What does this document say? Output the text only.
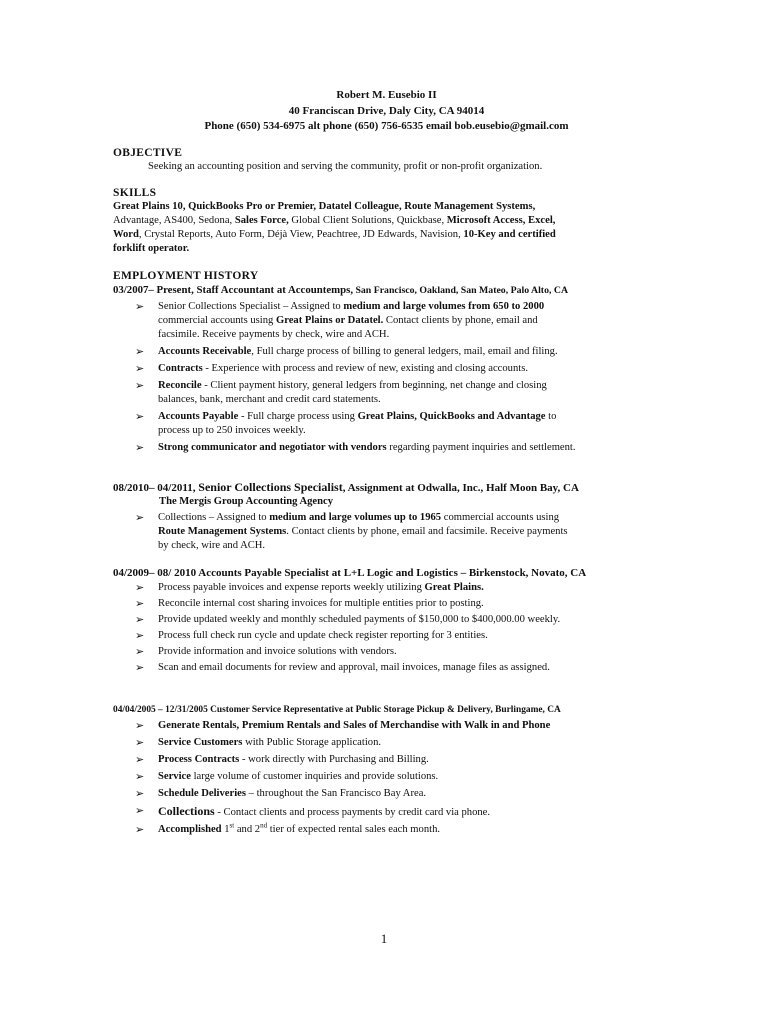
Robert M. Eusebio II
40 Franciscan Drive, Daly City, CA 94014
Phone (650) 534-6975 alt phone (650) 756-6535 email bob.eusebio@gmail.com
OBJECTIVE
Seeking an accounting position and serving the community, profit or non-profit organization.
SKILLS
Great Plains 10, QuickBooks Pro or Premier, Datatel Colleague, Route Management Systems,
Advantage, AS400, Sedona, Sales Force, Global Client Solutions, Quickbase, Microsoft Access, Excel,
Word, Crystal Reports, Auto Form, Déjà View, Peachtree, JD Edwards, Navision, 10-Key and certified
forklift operator.
EMPLOYMENT HISTORY
03/2007– Present, Staff Accountant at Accountemps, San Francisco, Oakland, San Mateo, Palo Alto, CA
➢ Senior Collections Specialist – Assigned to medium and large volumes from 650 to 2000
commercial accounts using Great Plains or Datatel. Contact clients by phone, email and
facsimile. Receive payments by check, wire and ACH.
➢ Accounts Receivable, Full charge process of billing to general ledgers, mail, email and filing.
➢ Contracts - Experience with process and review of new, existing and closing accounts.
➢ Reconcile - Client payment history, general ledgers from beginning, net change and closing
balances, bank, merchant and credit card statements.
➢ Accounts Payable - Full charge process using Great Plains, QuickBooks and Advantage to
process up to 250 invoices weekly.
➢ Strong communicator and negotiator with vendors regarding payment inquiries and settlement.
08/2010– 04/2011, Senior Collections Specialist, Assignment at Odwalla, Inc., Half Moon Bay, CA
The Mergis Group Accounting Agency
➢ Collections – Assigned to medium and large volumes up to 1965 commercial accounts using
Route Management Systems. Contact clients by phone, email and facsimile. Receive payments
by check, wire and ACH.
04/2009– 08/ 2010 Accounts Payable Specialist at L+L Logic and Logistics – Birkenstock, Novato, CA
➢ Process payable invoices and expense reports weekly utilizing Great Plains.
➢ Reconcile internal cost sharing invoices for multiple entities prior to posting.
➢ Provide updated weekly and monthly scheduled payments of $150,000 to $400,000.00 weekly.
➢ Process full check run cycle and update check register reporting for 3 entities.
➢ Provide information and invoice solutions with vendors.
➢ Scan and email documents for review and approval, mail invoices, manage files as assigned.
04/04/2005 – 12/31/2005 Customer Service Representative at Public Storage Pickup & Delivery, Burlingame, CA
➢ Generate Rentals, Premium Rentals and Sales of Merchandise with Walk in and Phone
➢ Service Customers with Public Storage application.
➢ Process Contracts - work directly with Purchasing and Billing.
➢ Service large volume of customer inquiries and provide solutions.
➢ Schedule Deliveries – throughout the San Francisco Bay Area.
➢ Collections - Contact clients and process payments by credit card via phone.
➢ Accomplished 1st and 2nd tier of expected rental sales each month.
1
